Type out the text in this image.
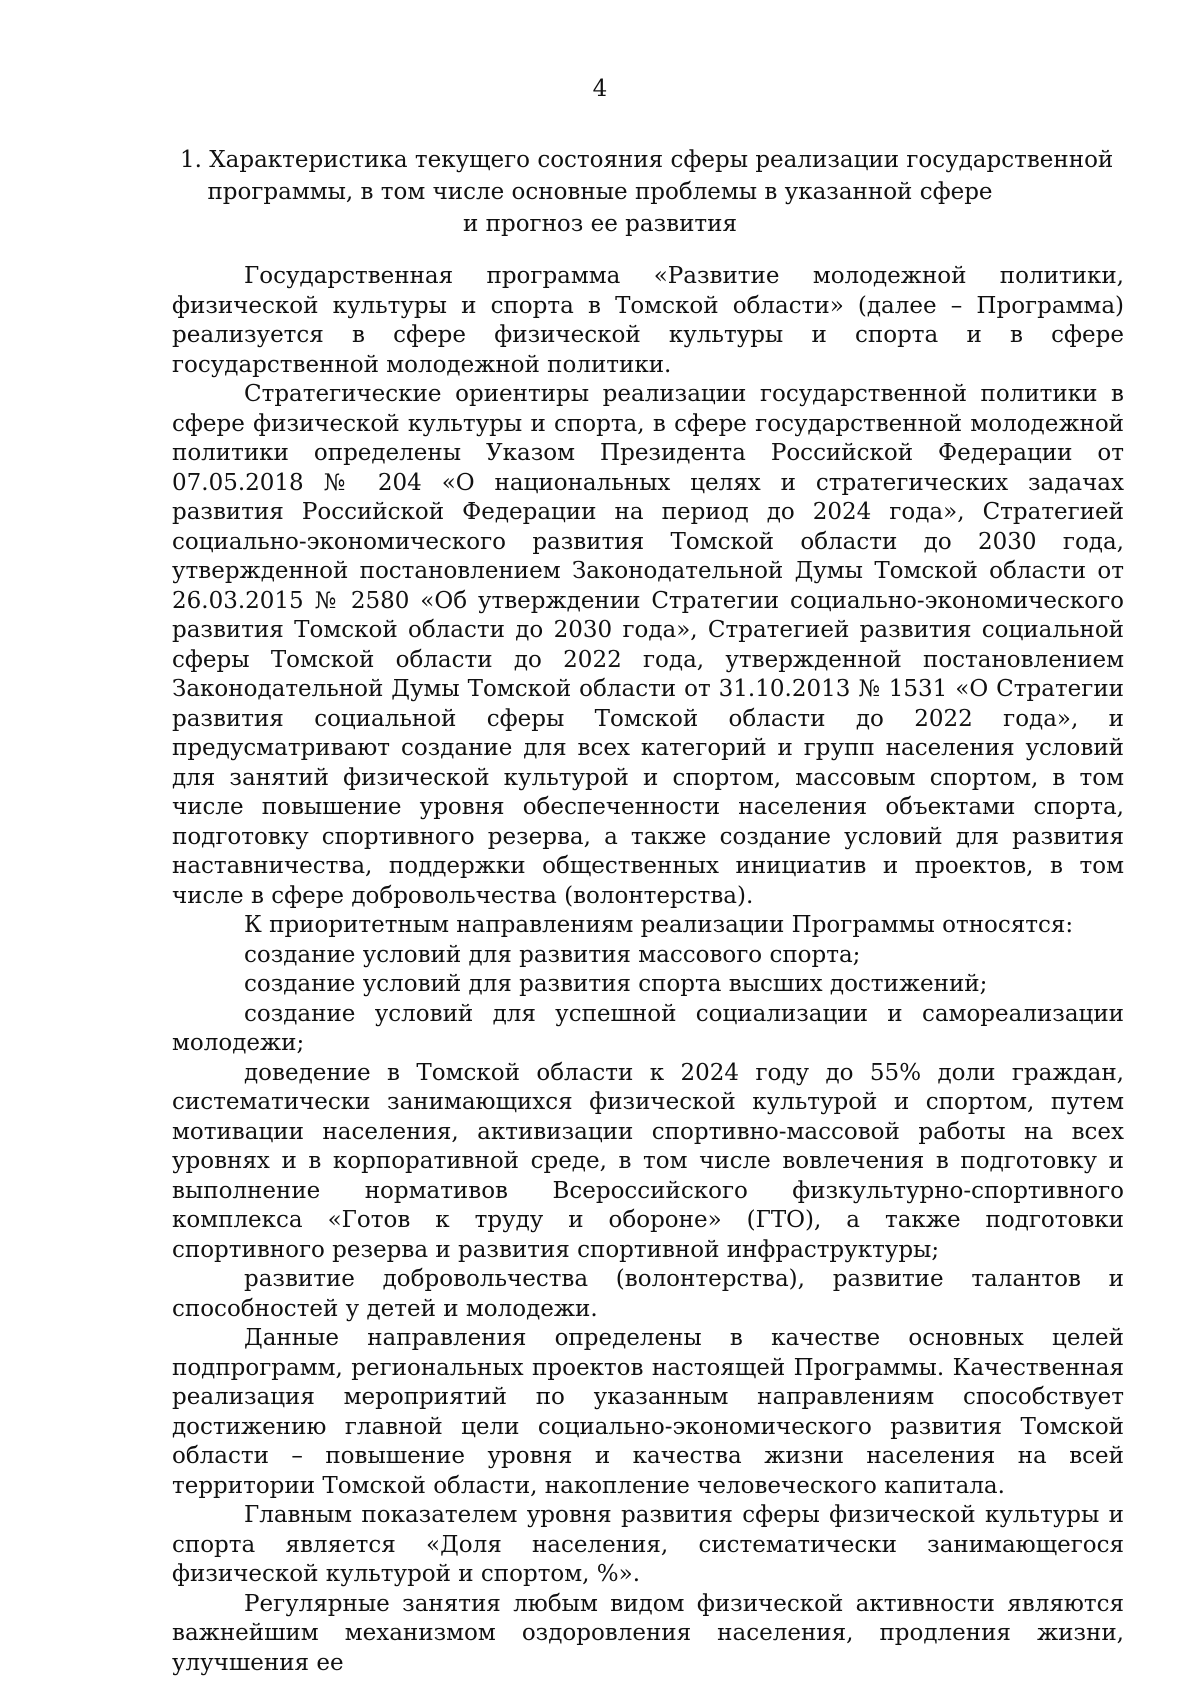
4
1. Характеристика текущего состояния сферы реализации государственной
программы, в том числе основные проблемы в указанной сфере
и прогноз ее развития

Государственная программа «Развитие молодежной политики, физической культуры и спорта в Томской области» (далее – Программа) реализуется в сфере физической культуры и спорта и в сфере государственной молодежной политики.

Стратегические ориентиры реализации государственной политики в сфере физической культуры и спорта, в сфере государственной молодежной политики определены Указом Президента Российской Федерации от 07.05.2018 № 204 «О национальных целях и стратегических задачах развития Российской Федерации на период до 2024 года», Стратегией социально-экономического развития Томской области до 2030 года, утвержденной постановлением Законодательной Думы Томской области от 26.03.2015 № 2580 «Об утверждении Стратегии социально-экономического развития Томской области до 2030 года», Стратегией развития социальной сферы Томской области до 2022 года, утвержденной постановлением Законодательной Думы Томской области от 31.10.2013 № 1531 «О Стратегии развития социальной сферы Томской области до 2022 года», и предусматривают создание для всех категорий и групп населения условий для занятий физической культурой и спортом, массовым спортом, в том числе повышение уровня обеспеченности населения объектами спорта, подготовку спортивного резерва, а также создание условий для развития наставничества, поддержки общественных инициатив и проектов, в том числе в сфере добровольчества (волонтерства).

К приоритетным направлениям реализации Программы относятся:

создание условий для развития массового спорта;

создание условий для развития спорта высших достижений;

создание условий для успешной социализации и самореализации молодежи;

доведение в Томской области к 2024 году до 55% доли граждан, систематически занимающихся физической культурой и спортом, путем мотивации населения, активизации спортивно-массовой работы на всех уровнях и в корпоративной среде, в том числе вовлечения в подготовку и выполнение нормативов Всероссийского физкультурно-спортивного комплекса «Готов к труду и обороне» (ГТО), а также подготовки спортивного резерва и развития спортивной инфраструктуры;

развитие добровольчества (волонтерства), развитие талантов и способностей у детей и молодежи.

Данные направления определены в качестве основных целей подпрограмм, региональных проектов настоящей Программы. Качественная реализация мероприятий по указанным направлениям способствует достижению главной цели социально-экономического развития Томской области – повышение уровня и качества жизни населения на всей территории Томской области, накопление человеческого капитала.

Главным показателем уровня развития сферы физической культуры и спорта является «Доля населения, систематически занимающегося физической культурой и спортом, %».

Регулярные занятия любым видом физической активности являются важнейшим механизмом оздоровления населения, продления жизни, улучшения ее
